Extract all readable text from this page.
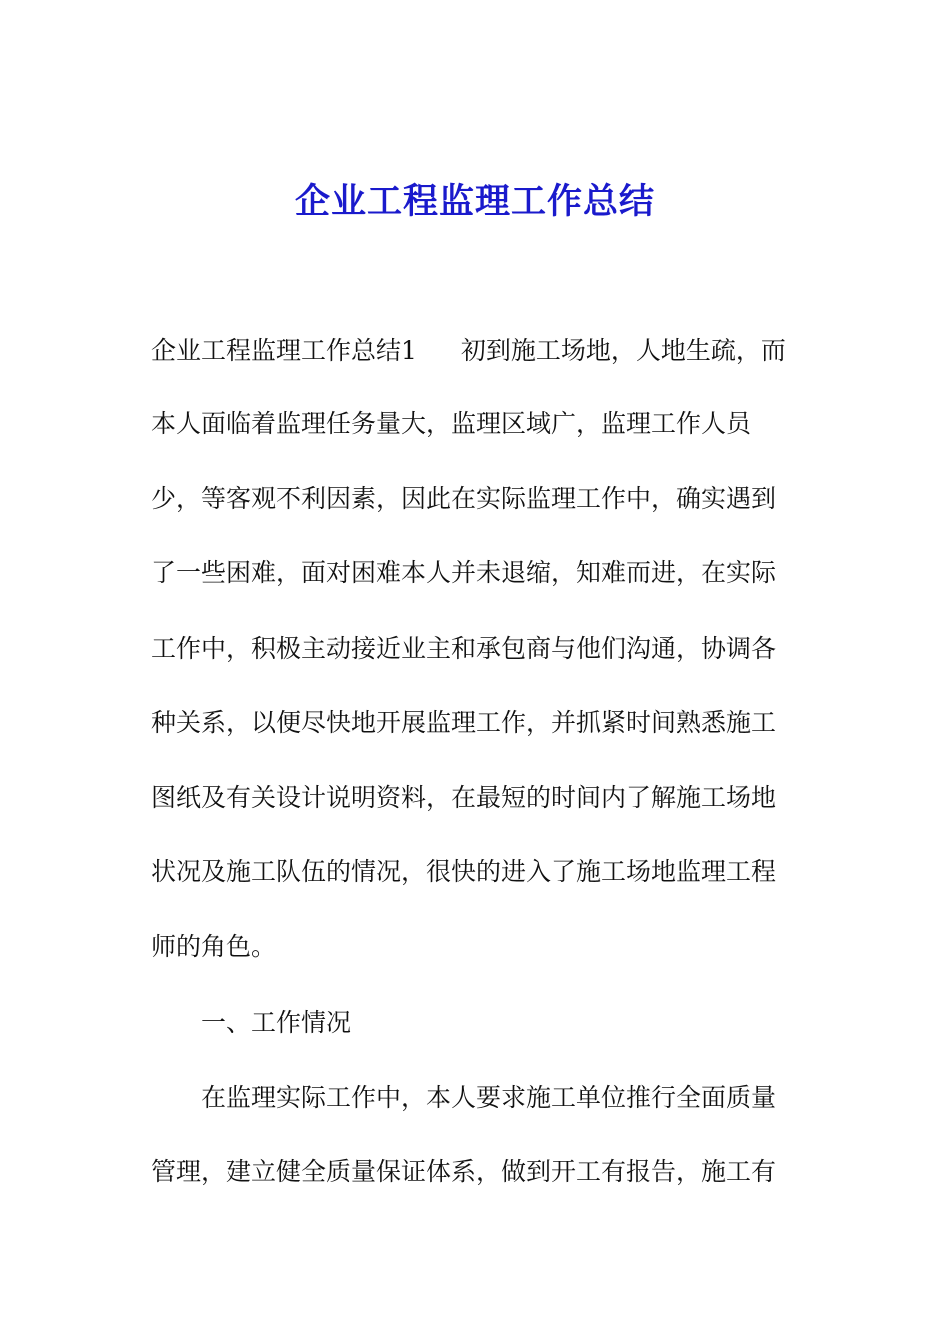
企业工程监理工作总结
企业工程监理工作总结1 初到施工场地，人地生疏，而
本人面临着监理任务量大，监理区域广，监理工作人员
少，等客观不利因素，因此在实际监理工作中，确实遇到
了一些困难，面对困难本人并未退缩，知难而进，在实际
工作中，积极主动接近业主和承包商与他们沟通，协调各
种关系，以便尽快地开展监理工作，并抓紧时间熟悉施工
图纸及有关设计说明资料，在最短的时间内了解施工场地
状况及施工队伍的情况，很快的进入了施工场地监理工程
师的角色。
一、工作情况
在监理实际工作中，本人要求施工单位推行全面质量
管理，建立健全质量保证体系，做到开工有报告，施工有
